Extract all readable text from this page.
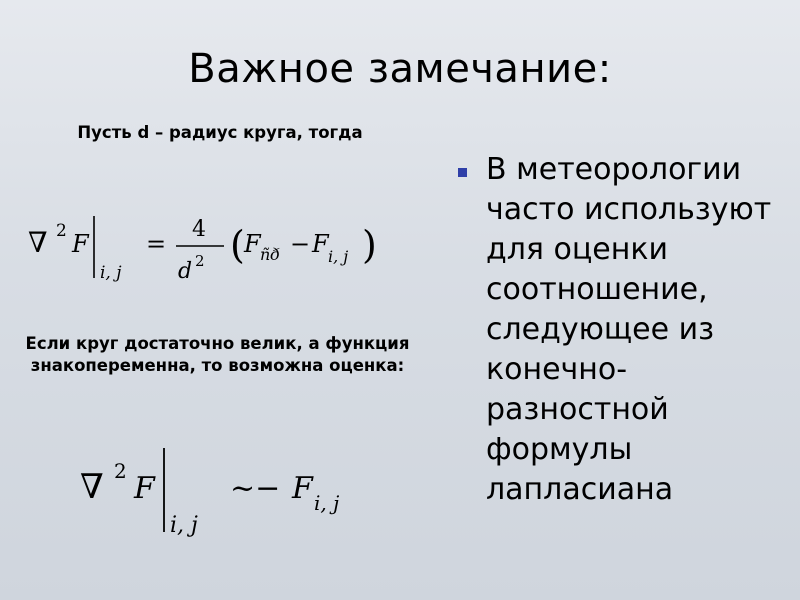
Важное замечание:
Пусть d – радиус круга, тогда
∇ 2 F
i, j
=
4
d 2 ( F ñð − F i, j )
Если круг достаточно велик, а функция знакопеременна, то возможна оценка:
∇ 2 F
i, j
~− F i, j
В метеорологии часто используют для оценки соотношение, следующее из конечно-разностной формулы лапласиана
